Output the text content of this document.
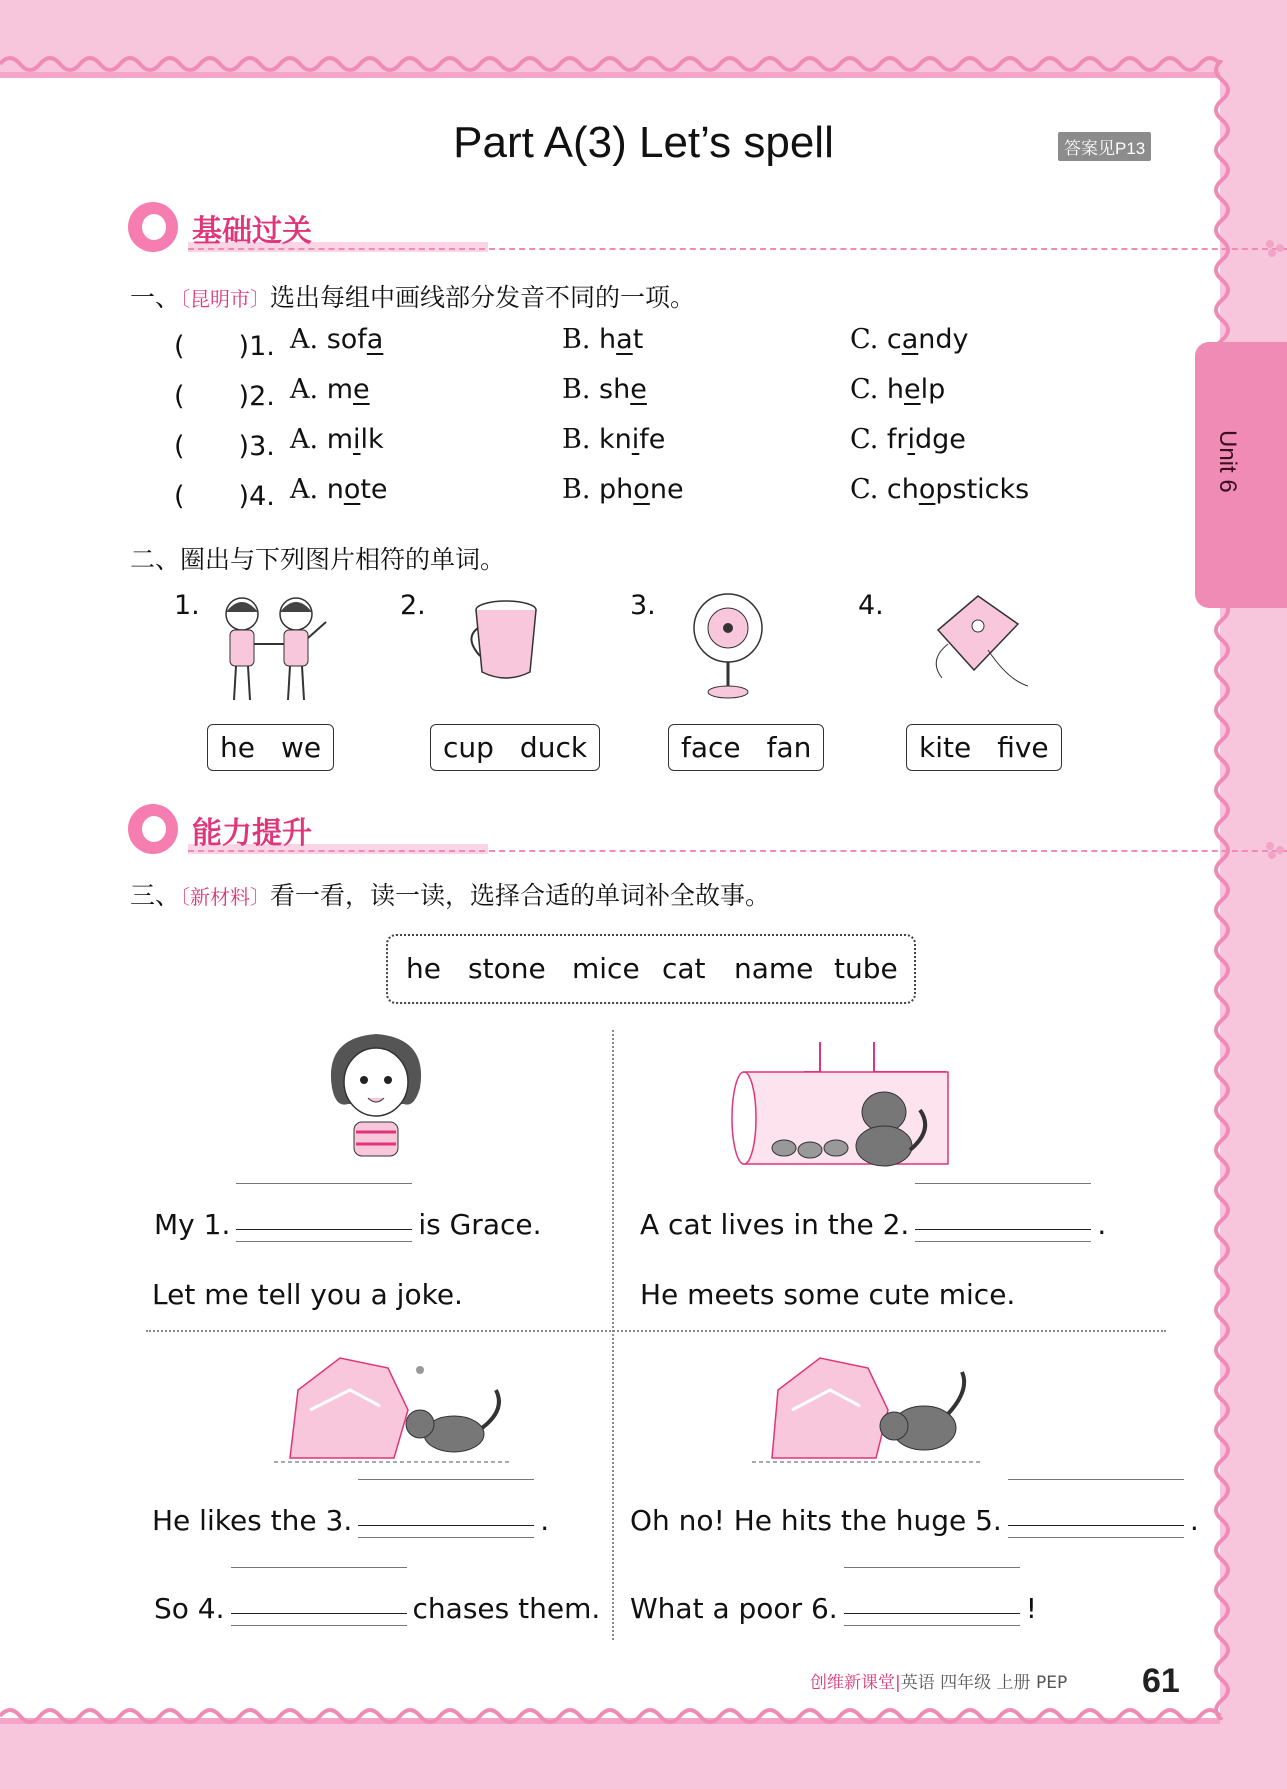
Part A(3) Let’s spell	答案见P13
Unit 6
基础过关
一、〔昆明市〕选出每组中画线部分发音不同的一项。
(　　)1. A. sofa	B. hat	C. candy
(　　)2. A. me	B. she	C. help
(　　)3. A. milk	B. knife	C. fridge
(　　)4. A. note	B. phone	C. chopsticks
二、圈出与下列图片相符的单词。
1.
he we
2.
cup duck
3.
face fan
4.
kite five
能力提升
三、〔新材料〕看一看，读一读，选择合适的单词补全故事。
he stone mice cat name tube
My 1.	is Grace.
Let me tell you a joke.
A cat lives in the 2.	.
He meets some cute mice.
He likes the 3.	.
So 4.	chases them.
Oh no! He hits the huge 5.	.
What a poor 6.	!
创维新课堂|英语 四年级 上册 PEP 61
